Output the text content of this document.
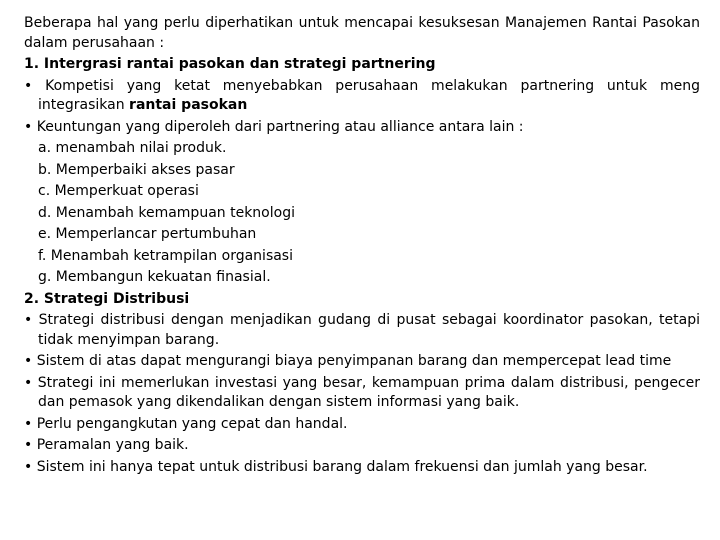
Beberapa hal yang perlu diperhatikan untuk mencapai kesuksesan Manajemen Rantai Pasokan dalam perusahaan :
1. Intergrasi rantai pasokan dan strategi partnering
• Kompetisi yang ketat menyebabkan perusahaan melakukan partnering untuk meng integrasikan rantai pasokan
• Keuntungan yang diperoleh dari partnering atau alliance antara lain :
a. menambah nilai produk.
b. Memperbaiki akses pasar
c. Memperkuat operasi
d. Menambah kemampuan teknologi
e. Memperlancar pertumbuhan
f. Menambah ketrampilan organisasi
g. Membangun kekuatan finasial.
2. Strategi Distribusi
• Strategi distribusi dengan menjadikan gudang di pusat sebagai koordinator pasokan, tetapi tidak menyimpan barang.
• Sistem di atas dapat mengurangi biaya penyimpanan barang dan mempercepat lead time
• Strategi ini memerlukan investasi yang besar, kemampuan prima dalam distribusi, pengecer dan pemasok yang dikendalikan dengan sistem informasi yang baik.
• Perlu pengangkutan yang cepat dan handal.
• Peramalan yang baik.
• Sistem ini hanya tepat untuk distribusi barang dalam frekuensi dan jumlah yang besar.
